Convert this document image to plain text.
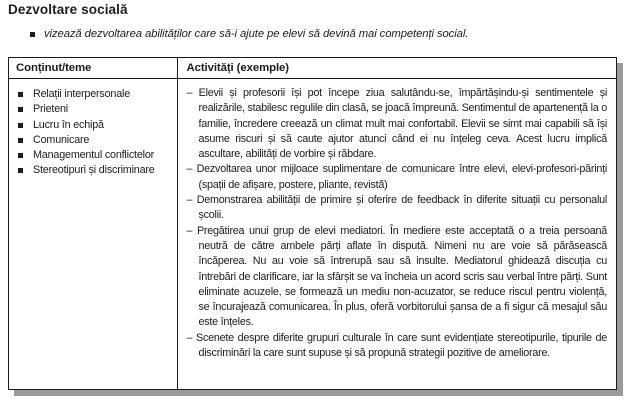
Dezvoltare socială
vizează dezvoltarea abilităților care să-i ajute pe elevi să devină mai competenți social.
Conținut/teme	Activități (exemple)
Relații interpersonale
Prieteni
Lucru în echipă
Comunicare
Managementul conflictelor
Stereotipuri și discriminare
– Elevii și profesorii își pot începe ziua salutându-se, împărtășindu-și sentimentele și realizările, stabilesc regulile din clasă, se joacă împreună. Sentimentul de apartenență la o familie, încredere creează un climat mult mai confortabil. Elevii se simt mai capabili să își asume riscuri și să caute ajutor atunci când ei nu înțeleg ceva. Acest lucru implică ascultare, abilități de vorbire și răbdare.
– Dezvoltarea unor mijloace suplimentare de comunicare între elevi, elevi-profesori-părinți (spații de afișare, postere, pliante, revistă)
– Demonstrarea abilității de primire și oferire de feedback în diferite situații cu personalul școlii.
– Pregătirea unui grup de elevi mediatori. În mediere este acceptată o a treia persoană neutră de către ambele părți aflate în dispută. Nimeni nu are voie să părăsească încăperea. Nu au voie să întrerupă sau să insulte. Mediatorul ghidează discuția cu întrebări de clarificare, iar la sfârșit se va încheia un acord scris sau verbal între părți. Sunt eliminate acuzele, se formează un mediu non-acuzator, se reduce riscul pentru violență, se încurajează comunicarea. În plus, oferă vorbitorului șansa de a fi sigur că mesajul său este înțeles.
– Scenete despre diferite grupuri culturale în care sunt evidențiate stereotipurile, tipurile de discriminări la care sunt supuse și să propună strategii pozitive de ameliorare.
